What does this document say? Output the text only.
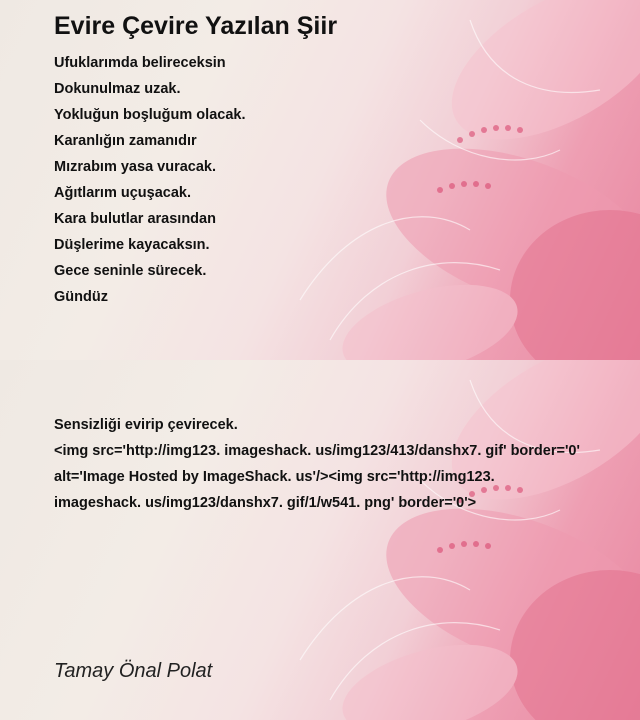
Evire Çevire Yazılan Şiir
Ufuklarımda belireceksin
Dokunulmaz uzak.
Yokluğun boşluğum olacak.
Karanlığın zamanıdır
Mızrabım yasa vuracak.
Ağıtlarım uçuşacak.
Kara bulutlar arasından
Düşlerime kayacaksın.
Gece seninle sürecek.
Gündüz

Sensizliği evirip çevirecek.

<img src='http://img123. imageshack. us/img123/413/danshx7. gif' border='0' alt='Image Hosted by ImageShack. us'/><img src='http://img123. imageshack. us/img123/danshx7. gif/1/w541. png' border='0'>

Tamay Önal Polat
